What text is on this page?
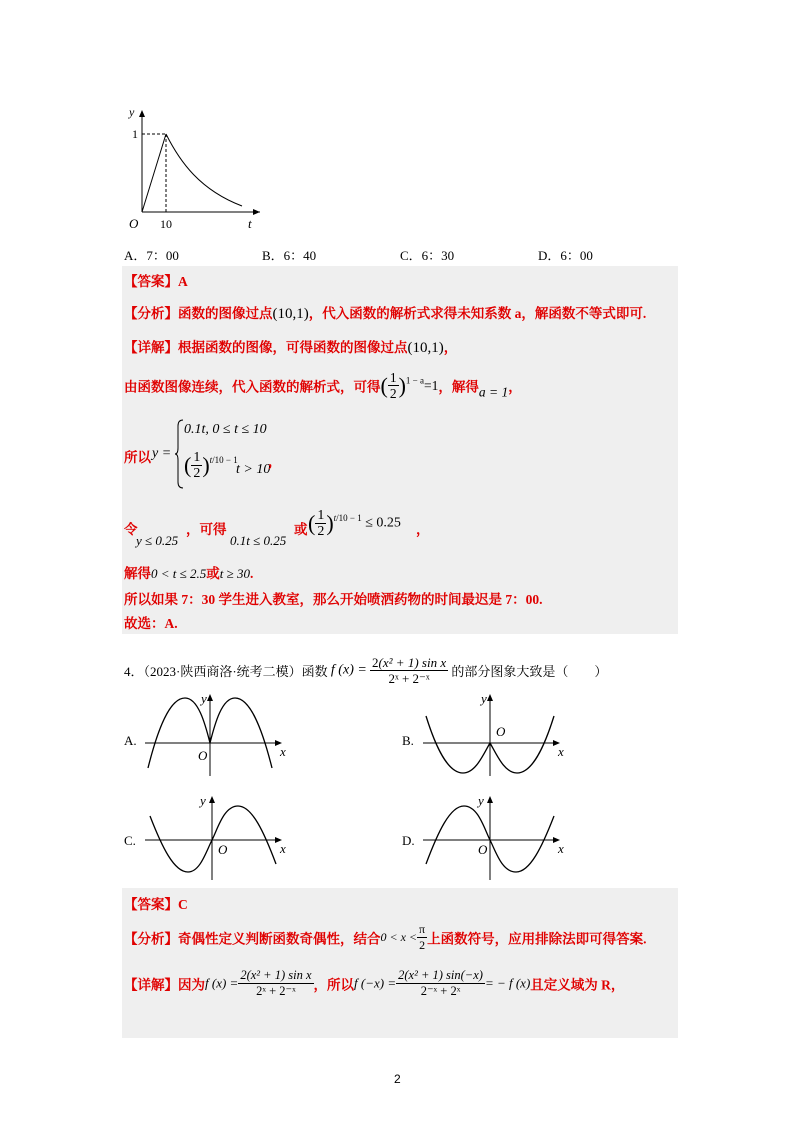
y
1
O 10	t
A．7：00	B．6：40	C．6：30	D．6：00
【答案】A
【分析】函数的图像过点(10,1)，代入函数的解析式求得未知系数 a，解函数不等式即可.
【详解】根据函数的图像，可得函数的图像过点(10,1)，
由函数图像连续，代入函数的解析式，可得( $\frac{1}{2} )^{1 - a}=1$，解得a = 1，
所以 y =
0.1t, 0 ≤ t ≤ 10
( $\frac{1}{2} )^{t/10 - 1}$
t > 10
，
令
y ≤ 0.25
，可得
0.1t ≤ 0.25
或 ( $\frac{1}{2} )^{t/10 - 1} \le 0.25$ ，
解得0 < t ≤ 2.5或t ≥ 30.
所以如果 7：30 学生进入教室，那么开始喷洒药物的时间最迟是 7：00.
故选：A.
4．（2023·陕西商洛·统考二模）函数 f $(x) = \frac{\text{2(x² + 1) sin x}}{\text{2ˣ + 2⁻ˣ}}$ 的部分图象大致是（　　）
A.
y
O	x
B.
y
O
x
C.
y
O	x
D.
y
O	x
【答案】C
【分析】奇偶性定义判断函数奇偶性，结合$0 < x < \frac{\pi}{2}$ 上函数符号，应用排除法即可得答案.
【详解】因为f $(x) = \frac{\text{2(x² + 1) sin x}}{\text{2ˣ + 2⁻ˣ}}$ ，所以f $(-x) = \frac{\text{2(x² + 1) sin(−x)}}{\text{2⁻ˣ + 2ˣ}}$ = − f (x)且定义域为 R，
2
